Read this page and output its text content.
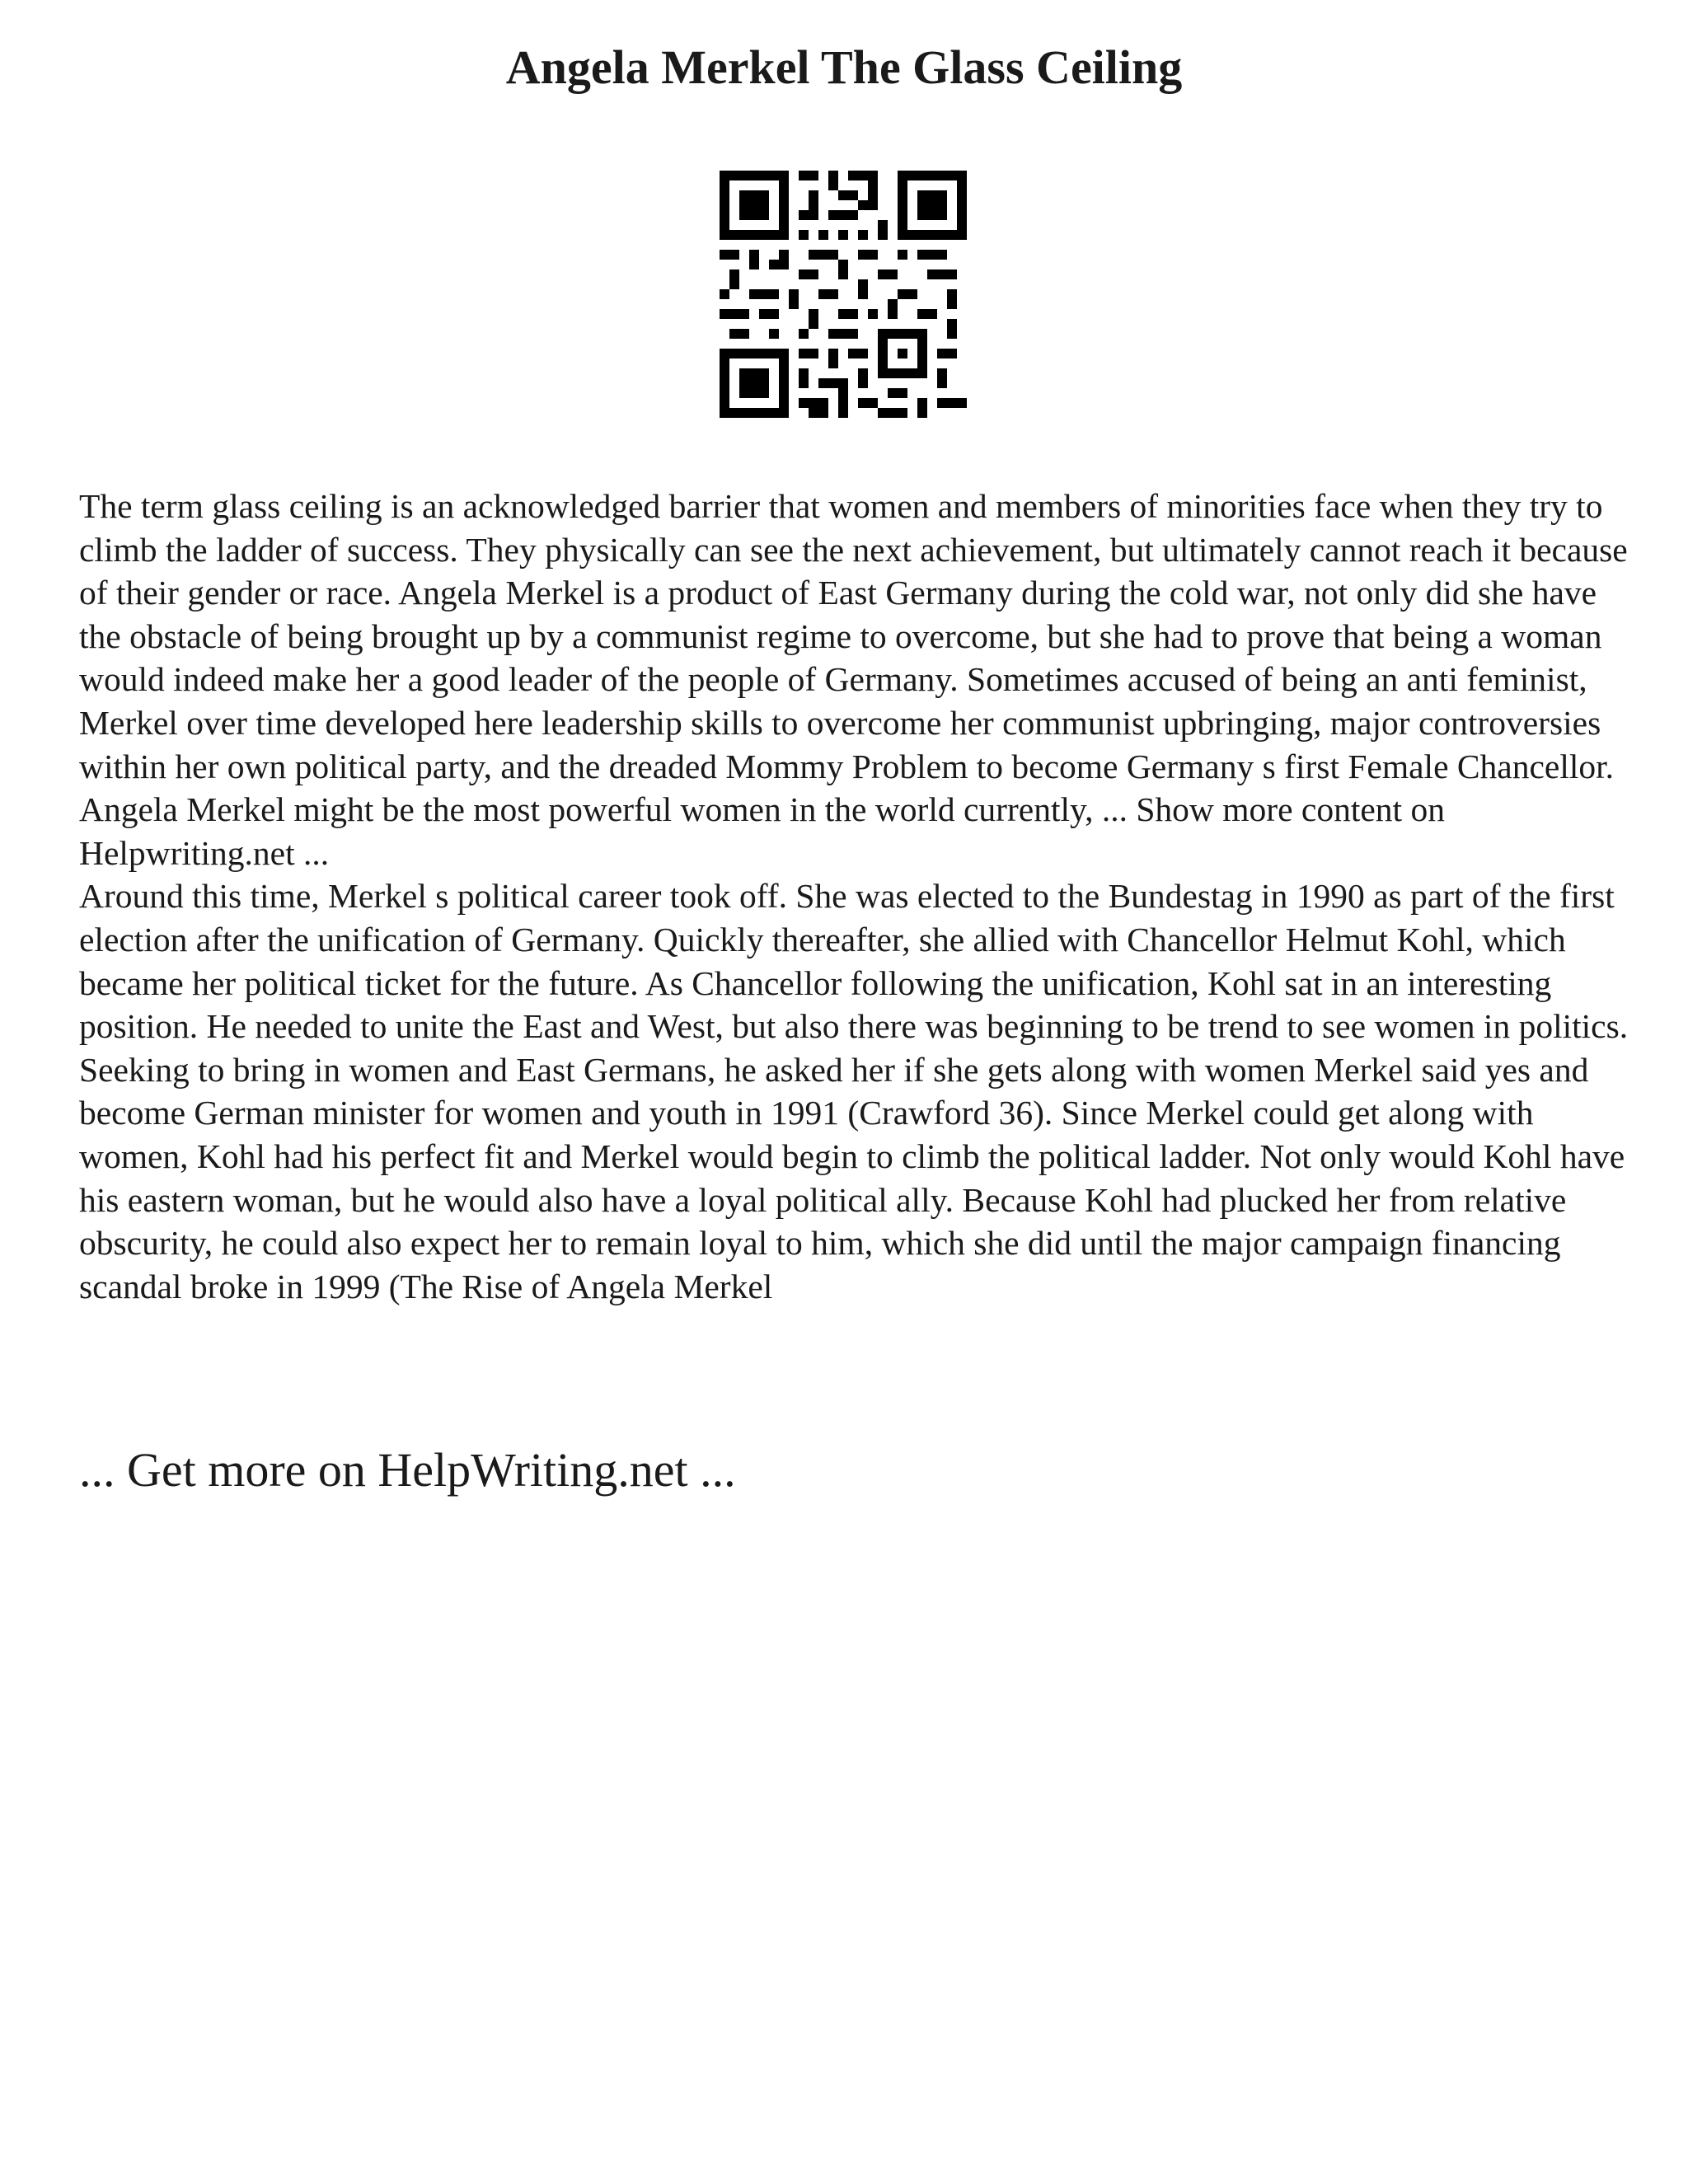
Angela Merkel The Glass Ceiling

The term glass ceiling is an acknowledged barrier that women and members of minorities face when they try to climb the ladder of success. They physically can see the next achievement, but ultimately cannot reach it because of their gender or race. Angela Merkel is a product of East Germany during the cold war, not only did she have the obstacle of being brought up by a communist regime to overcome, but she had to prove that being a woman would indeed make her a good leader of the people of Germany. Sometimes accused of being an anti feminist, Merkel over time developed here leadership skills to overcome her communist upbringing, major controversies within her own political party, and the dreaded Mommy Problem to become Germany s first Female Chancellor.

Angela Merkel might be the most powerful women in the world currently, ... Show more content on Helpwriting.net ...

Around this time, Merkel s political career took off. She was elected to the Bundestag in 1990 as part of the first election after the unification of Germany. Quickly thereafter, she allied with Chancellor Helmut Kohl, which became her political ticket for the future. As Chancellor following the unification, Kohl sat in an interesting position. He needed to unite the East and West, but also there was beginning to be trend to see women in politics. Seeking to bring in women and East Germans, he asked her if she gets along with women Merkel said yes and become German minister for women and youth in 1991 (Crawford 36). Since Merkel could get along with women, Kohl had his perfect fit and Merkel would begin to climb the political ladder. Not only would Kohl have his eastern woman, but he would also have a loyal political ally. Because Kohl had plucked her from relative obscurity, he could also expect her to remain loyal to him, which she did until the major campaign financing scandal broke in 1999 (The Rise of Angela Merkel

... Get more on HelpWriting.net ...
